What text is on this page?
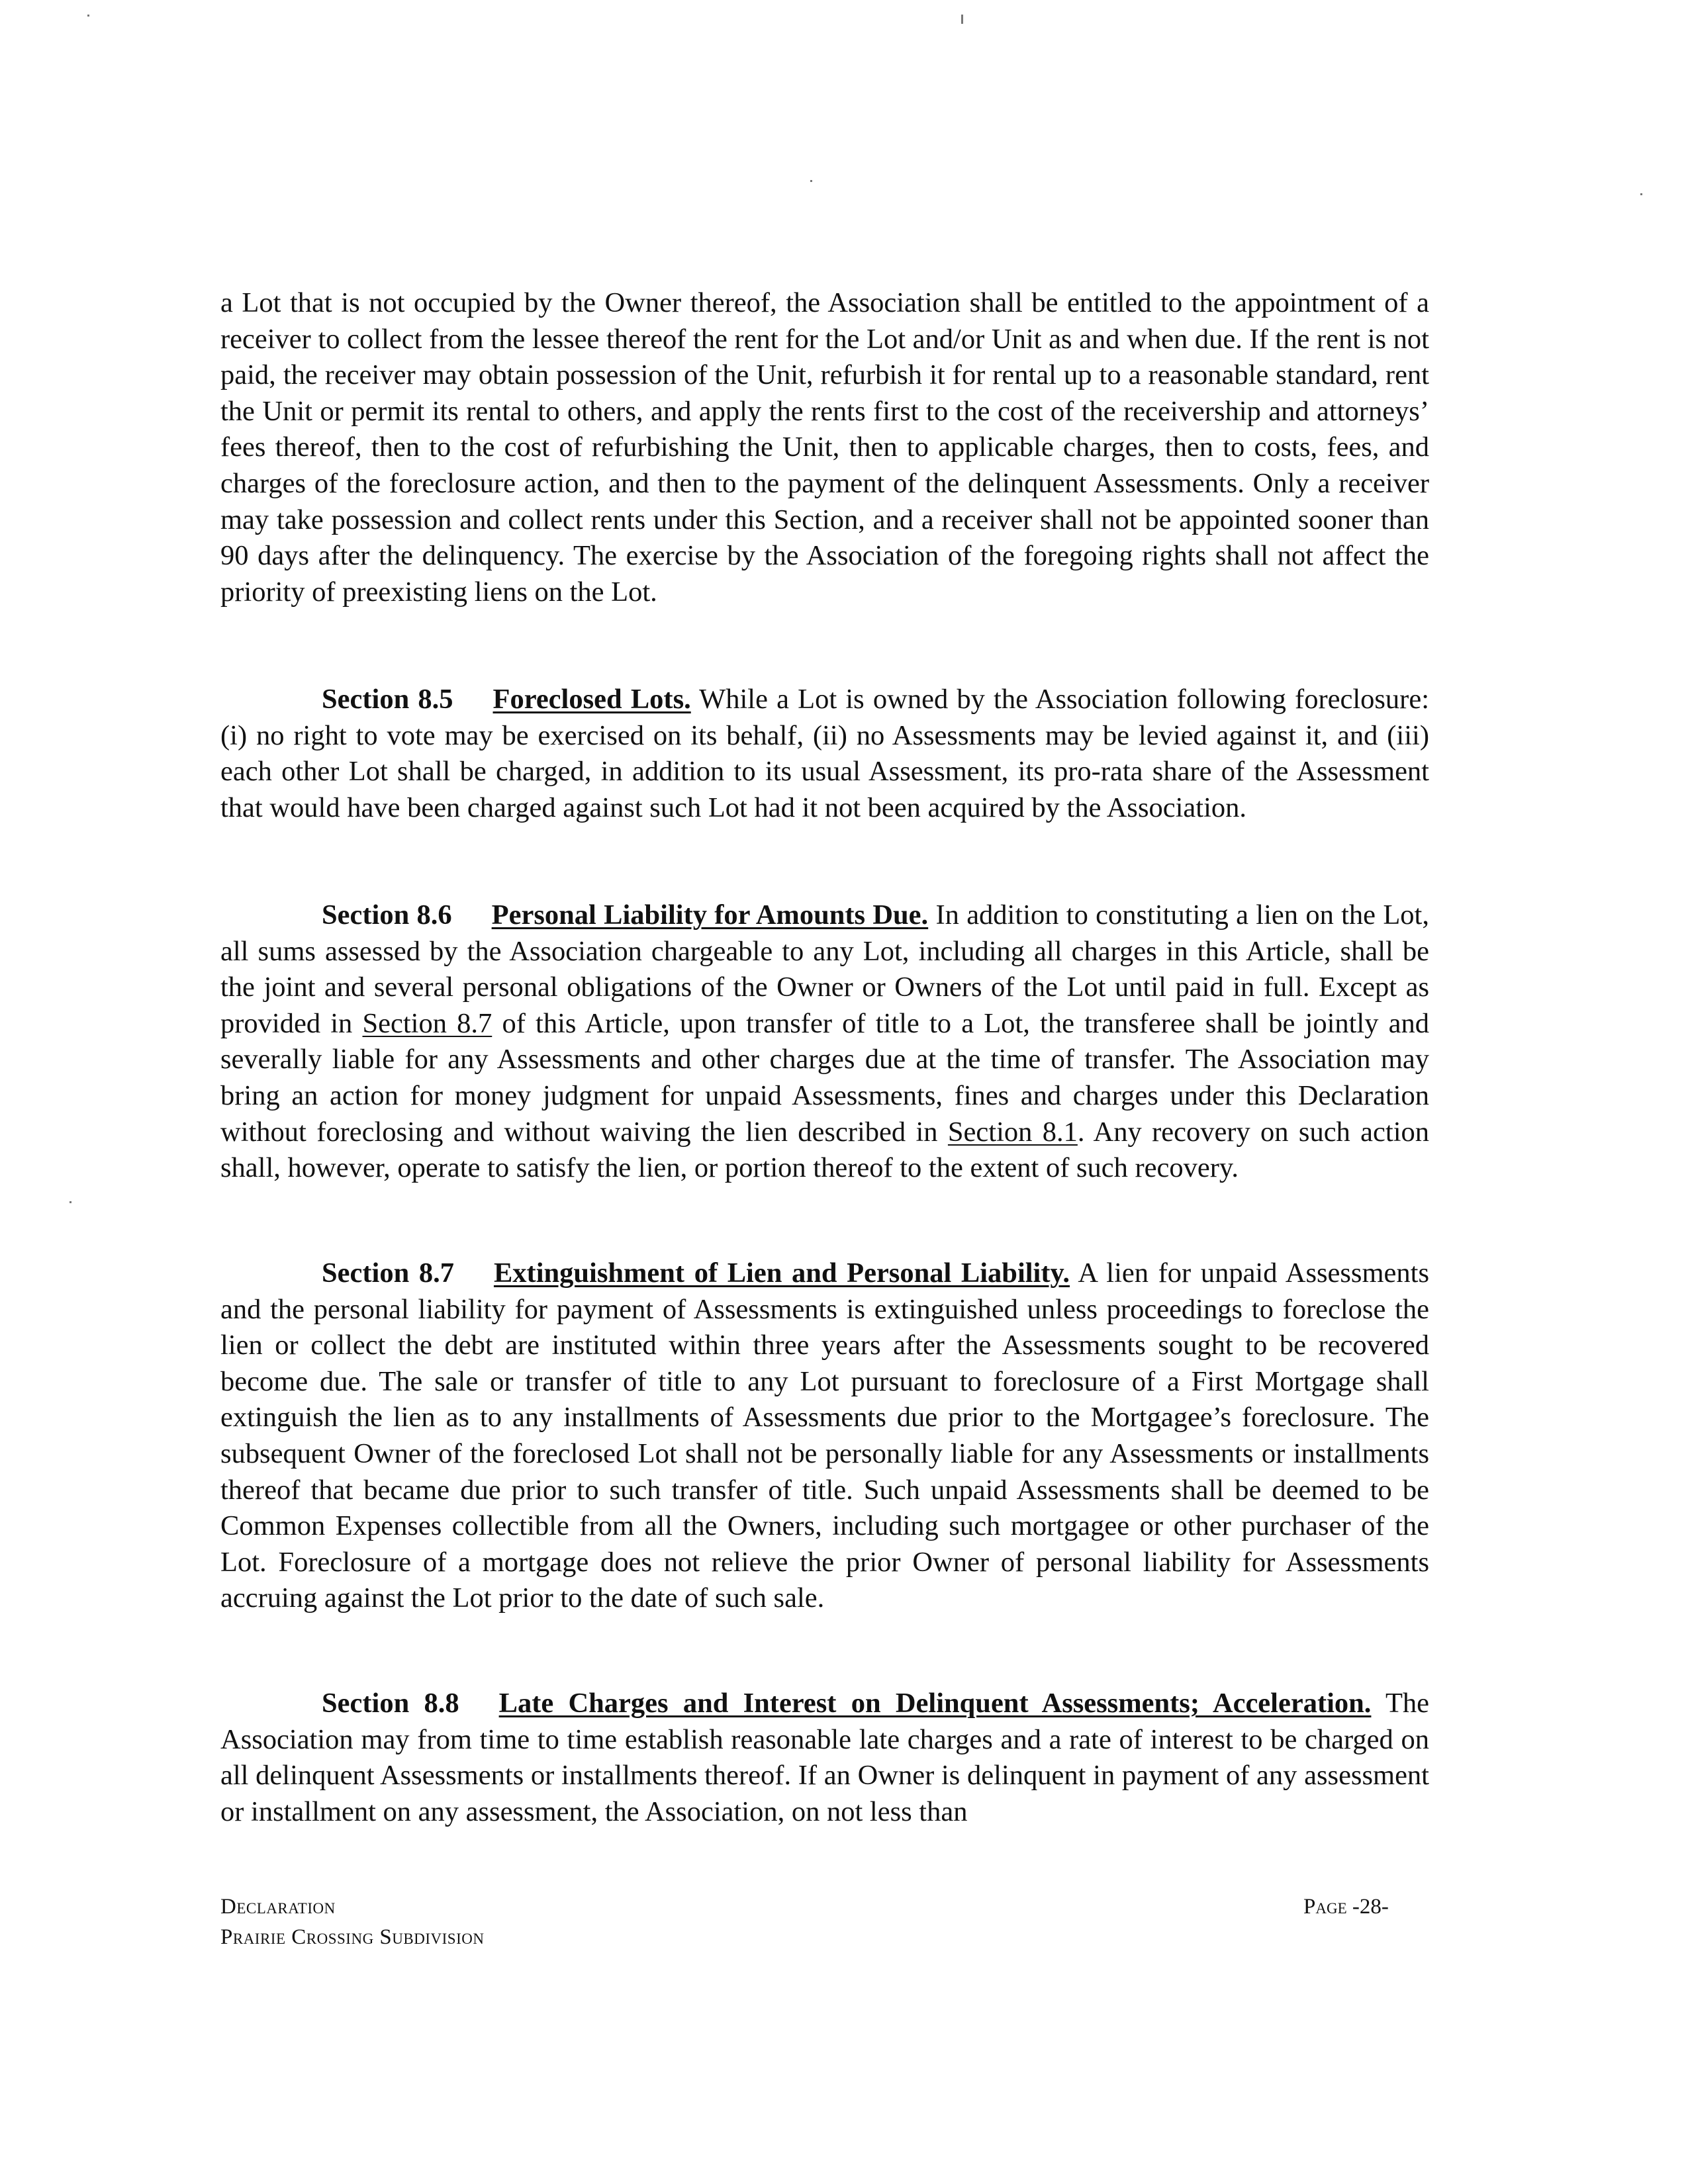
a Lot that is not occupied by the Owner thereof, the Association shall be entitled to the appointment of a receiver to collect from the lessee thereof the rent for the Lot and/or Unit as and when due. If the rent is not paid, the receiver may obtain possession of the Unit, refurbish it for rental up to a reasonable standard, rent the Unit or permit its rental to others, and apply the rents first to the cost of the receivership and attorneys’ fees thereof, then to the cost of refurbishing the Unit, then to applicable charges, then to costs, fees, and charges of the foreclosure action, and then to the payment of the delinquent Assessments. Only a receiver may take possession and collect rents under this Section, and a receiver shall not be appointed sooner than 90 days after the delinquency. The exercise by the Association of the foregoing rights shall not affect the priority of preexisting liens on the Lot.

Section 8.5 Foreclosed Lots. While a Lot is owned by the Association following foreclosure: (i) no right to vote may be exercised on its behalf, (ii) no Assessments may be levied against it, and (iii) each other Lot shall be charged, in addition to its usual Assessment, its pro-rata share of the Assessment that would have been charged against such Lot had it not been acquired by the Association.

Section 8.6 Personal Liability for Amounts Due. In addition to constituting a lien on the Lot, all sums assessed by the Association chargeable to any Lot, including all charges in this Article, shall be the joint and several personal obligations of the Owner or Owners of the Lot until paid in full. Except as provided in Section 8.7 of this Article, upon transfer of title to a Lot, the transferee shall be jointly and severally liable for any Assessments and other charges due at the time of transfer. The Association may bring an action for money judgment for unpaid Assessments, fines and charges under this Declaration without foreclosing and without waiving the lien described in Section 8.1. Any recovery on such action shall, however, operate to satisfy the lien, or portion thereof to the extent of such recovery.

Section 8.7 Extinguishment of Lien and Personal Liability. A lien for unpaid Assessments and the personal liability for payment of Assessments is extinguished unless proceedings to foreclose the lien or collect the debt are instituted within three years after the Assessments sought to be recovered become due. The sale or transfer of title to any Lot pursuant to foreclosure of a First Mortgage shall extinguish the lien as to any installments of Assessments due prior to the Mortgagee’s foreclosure. The subsequent Owner of the foreclosed Lot shall not be personally liable for any Assessments or installments thereof that became due prior to such transfer of title. Such unpaid Assessments shall be deemed to be Common Expenses collectible from all the Owners, including such mortgagee or other purchaser of the Lot. Foreclosure of a mortgage does not relieve the prior Owner of personal liability for Assessments accruing against the Lot prior to the date of such sale.

Section 8.8 Late Charges and Interest on Delinquent Assessments; Acceleration. The Association may from time to time establish reasonable late charges and a rate of interest to be charged on all delinquent Assessments or installments thereof. If an Owner is delinquent in payment of any assessment or installment on any assessment, the Association, on not less than

Declaration
Prairie Crossing Subdivision
Page -28-
